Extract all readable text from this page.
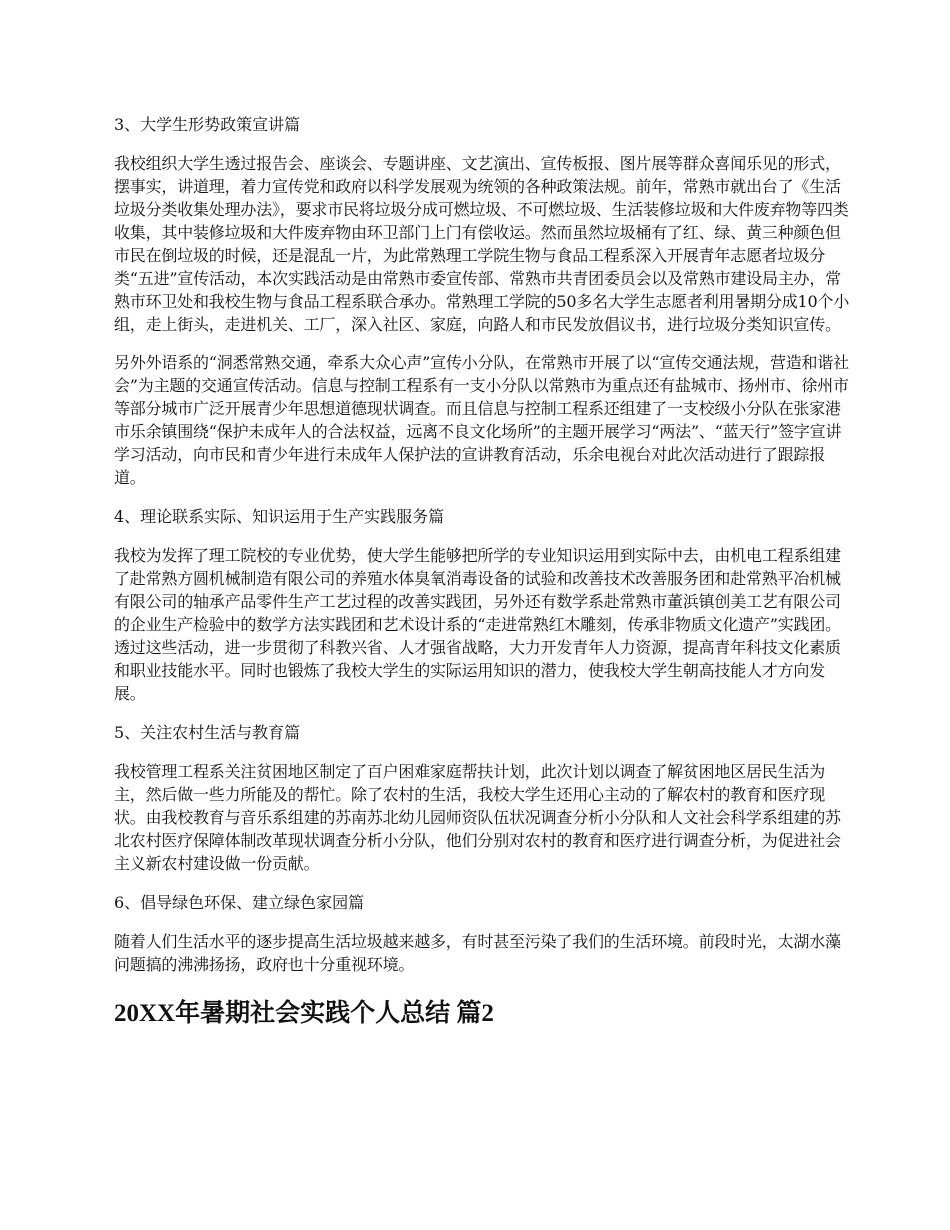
3、大学生形势政策宣讲篇
我校组织大学生透过报告会、座谈会、专题讲座、文艺演出、宣传板报、图片展等群众喜闻乐见的形式，摆事实，讲道理，着力宣传党和政府以科学发展观为统领的各种政策法规。前年，常熟市就出台了《生活垃圾分类收集处理办法》，要求市民将垃圾分成可燃垃圾、不可燃垃圾、生活装修垃圾和大件废弃物等四类收集，其中装修垃圾和大件废弃物由环卫部门上门有偿收运。然而虽然垃圾桶有了红、绿、黄三种颜色但市民在倒垃圾的时候，还是混乱一片，为此常熟理工学院生物与食品工程系深入开展青年志愿者垃圾分类“五进”宣传活动，本次实践活动是由常熟市委宣传部、常熟市共青团委员会以及常熟市建设局主办，常熟市环卫处和我校生物与食品工程系联合承办。常熟理工学院的50多名大学生志愿者利用暑期分成10个小组，走上街头，走进机关、工厂，深入社区、家庭，向路人和市民发放倡议书，进行垃圾分类知识宣传。
另外外语系的“洞悉常熟交通，牵系大众心声”宣传小分队，在常熟市开展了以“宣传交通法规，营造和谐社会”为主题的交通宣传活动。信息与控制工程系有一支小分队以常熟市为重点还有盐城市、扬州市、徐州市等部分城市广泛开展青少年思想道德现状调查。而且信息与控制工程系还组建了一支校级小分队在张家港市乐余镇围绕“保护未成年人的合法权益，远离不良文化场所”的主题开展学习“两法”、“蓝天行”签字宣讲学习活动，向市民和青少年进行未成年人保护法的宣讲教育活动，乐余电视台对此次活动进行了跟踪报道。
4、理论联系实际、知识运用于生产实践服务篇
我校为发挥了理工院校的专业优势，使大学生能够把所学的专业知识运用到实际中去，由机电工程系组建了赴常熟方圆机械制造有限公司的养殖水体臭氧消毒设备的试验和改善技术改善服务团和赴常熟平冶机械有限公司的轴承产品零件生产工艺过程的改善实践团，另外还有数学系赴常熟市董浜镇创美工艺有限公司的企业生产检验中的数学方法实践团和艺术设计系的“走进常熟红木雕刻，传承非物质文化遗产”实践团。透过这些活动，进一步贯彻了科教兴省、人才强省战略，大力开发青年人力资源，提高青年科技文化素质和职业技能水平。同时也锻炼了我校大学生的实际运用知识的潜力，使我校大学生朝高技能人才方向发展。
5、关注农村生活与教育篇
我校管理工程系关注贫困地区制定了百户困难家庭帮扶计划，此次计划以调查了解贫困地区居民生活为主，然后做一些力所能及的帮忙。除了农村的生活，我校大学生还用心主动的了解农村的教育和医疗现状。由我校教育与音乐系组建的苏南苏北幼儿园师资队伍状况调查分析小分队和人文社会科学系组建的苏北农村医疗保障体制改革现状调查分析小分队，他们分别对农村的教育和医疗进行调查分析，为促进社会主义新农村建设做一份贡献。
6、倡导绿色环保、建立绿色家园篇
随着人们生活水平的逐步提高生活垃圾越来越多，有时甚至污染了我们的生活环境。前段时光，太湖水藻问题搞的沸沸扬扬，政府也十分重视环境。
20XX年暑期社会实践个人总结 篇2
